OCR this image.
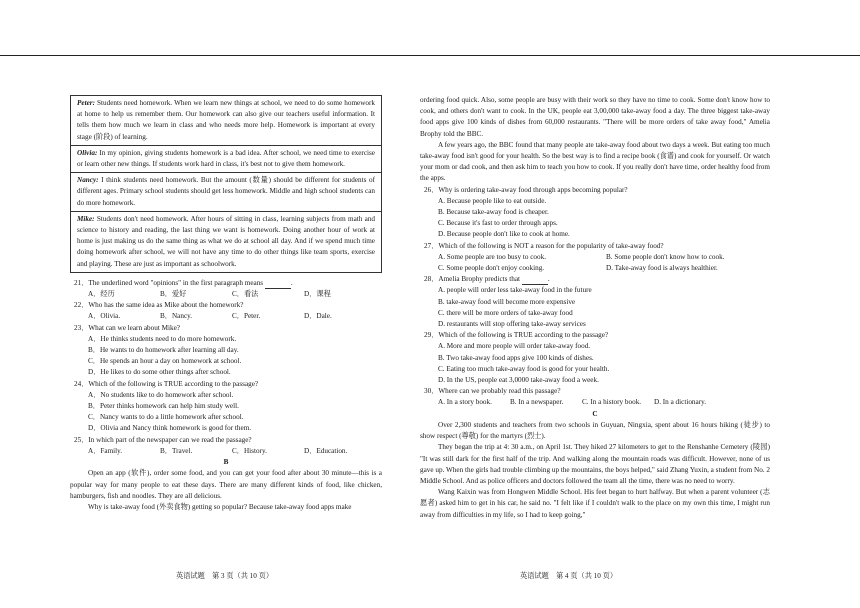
Peter: Students need homework. When we learn new things at school, we need to do some homework at home to help us remember them. Our homework can also give our teachers useful information. It tells them how much we learn in class and who needs more help. Homework is important at every stage (阶段) of learning.
Olivia: In my opinion, giving students homework is a bad idea. After school, we need time to exercise or learn other new things. If students work hard in class, it's best not to give them homework.
Nancy: I think students need homework. But the amount (数量) should be different for students of different ages. Primary school students should get less homework. Middle and high school students can do more homework.
Mike: Students don't need homework. After hours of sitting in class, learning subjects from math and science to history and reading, the last thing we want is homework. Doing another hour of work at home is just making us do the same thing as what we do at school all day. And if we spend much time doing homework after school, we will not have any time to do other things like team sports, exercise and playing. These are just as important as schoolwork.
21．The underlined word "opinions" in the first paragraph means	.
A．经历	B．爱好	C．看法	D．课程
22．Who has the same idea as Mike about the homework?
A．Olivia.	B．Nancy.	C．Peter.	D．Dale.
23．What can we learn about Mike?
A．He thinks students need to do more homework.
B．He wants to do homework after learning all day.
C．He spends an hour a day on homework at school.
D．He likes to do some other things after school.
24．Which of the following is TRUE according to the passage?
A．No students like to do homework after school.
B．Peter thinks homework can help him study well.
C．Nancy wants to do a little homework after school.
D．Olivia and Nancy think homework is good for them.
25．In which part of the newspaper can we read the passage?
A．Family.	B．Travel.	C．History.	D．Education.
B
Open an app (软件), order some food, and you can get your food after about 30 minute—this is a popular way for many people to eat these days. There are many different kinds of food, like chicken, hamburgers, fish and noodles. They are all delicious.
Why is take-away food (外卖食物) getting so popular? Because take-away food apps make
ordering food quick. Also, some people are busy with their work so they have no time to cook. Some don't know how to cook, and others don't want to cook. In the UK, people eat 3,00,000 take-away food a day. The three biggest take-away food apps give 100 kinds of dishes from 60,000 restaurants. "There will be more orders of take away food," Amelia Brophy told the BBC.
A few years ago, the BBC found that many people ate take-away food about two days a week. But eating too much take-away food isn't good for your health. So the best way is to find a recipe book (食谱) and cook for yourself. Or watch your mom or dad cook, and then ask him to teach you how to cook. If you really don't have time, order healthy food from the apps.
26．Why is ordering take-away food through apps becoming popular?
A. Because people like to eat outside.
B. Because take-away food is cheaper.
C. Because it's fast to order through apps.
D. Because people don't like to cook at home.
27．Which of the following is NOT a reason for the popularity of take-away food?
A. Some people are too busy to cook.	B. Some people don't know how to cook.
C. Some people don't enjoy cooking.	D. Take-away food is always healthier.
28．Amelia Brophy predicts that	.
A. people will order less take-away food in the future
B. take-away food will become more expensive
C. there will be more orders of take-away food
D. restaurants will stop offering take-away services
29．Which of the following is TRUE according to the passage?
A. More and more people will order take-away food.
B. Two take-away food apps give 100 kinds of dishes.
C. Eating too much take-away food is good for your health.
D. In the US, people eat 3,0000 take-away food a week.
30．Where can we probably read this passage?
A. In a story book.	B. In a newspaper.	C. In a history book.	D. In a dictionary.
C
Over 2,300 students and teachers from two schools in Guyuan, Ningxia, spent about 16 hours hiking (徒步) to show respect (尊敬) for the martyrs (烈士).
They began the trip at 4: 30 a.m., on April 1st. They hiked 27 kilometers to get to the Renshanhe Cemetery (陵园) "It was still dark for the first half of the trip. And walking along the mountain roads was difficult. However, none of us gave up. When the girls had trouble climbing up the mountains, the boys helped," said Zhang Yuxin, a student from No. 2 Middle School. And as police officers and doctors followed the team all the time, there was no need to worry.
Wang Kaixin was from Hongwen Middle School. His feet began to hurt halfway. But when a parent volunteer (志愿者) asked him to get in his car, he said no. "I felt like if I couldn't walk to the place on my own this time, I might run away from difficulties in my life, so I had to keep going,"
英语试题　第 3 页（共 10 页）	英语试题　第 4 页（共 10 页）
